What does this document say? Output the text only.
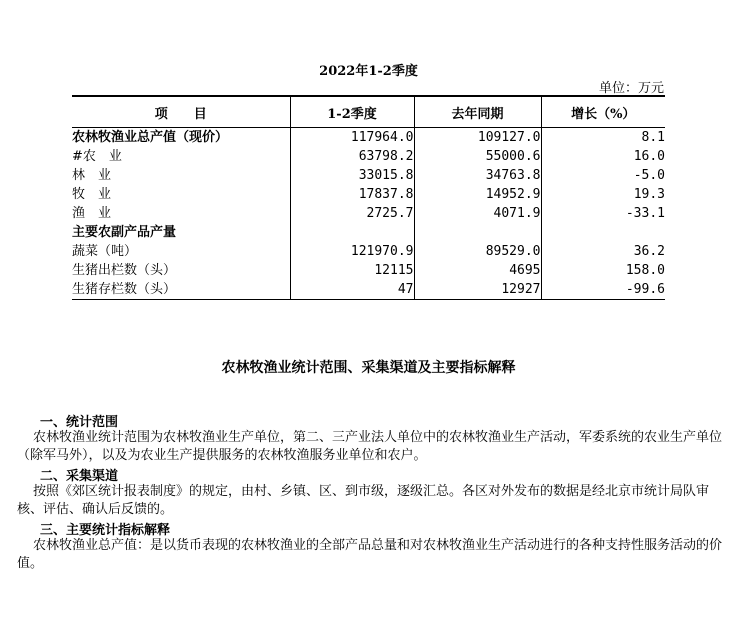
2022年1-2季度
单位：万元
项　　目	1-2季度	去年同期	增长（%）
农林牧渔业总产值（现价）	117964.0	109127.0	8.1
#农　业	63798.2	55000.6	16.0
林　业	33015.8	34763.8	-5.0
牧　业	17837.8	14952.9	19.3
渔　业	2725.7	4071.9	-33.1
主要农副产品产量			
蔬菜（吨）	121970.9	89529.0	36.2
生猪出栏数（头）	12115	4695	158.0
生猪存栏数（头）	47	12927	-99.6
农林牧渔业统计范围、采集渠道及主要指标解释
一、统计范围
农林牧渔业统计范围为农林牧渔业生产单位，第二、三产业法人单位中的农林牧渔业生产活动，军委系统的农业生产单位（除军马外），以及为农业生产提供服务的农林牧渔服务业单位和农户。
二、采集渠道
按照《郊区统计报表制度》的规定，由村、乡镇、区、到市级，逐级汇总。各区对外发布的数据是经北京市统计局队审核、评估、确认后反馈的。
三、主要统计指标解释
农林牧渔业总产值：是以货币表现的农林牧渔业的全部产品总量和对农林牧渔业生产活动进行的各种支持性服务活动的价值。
